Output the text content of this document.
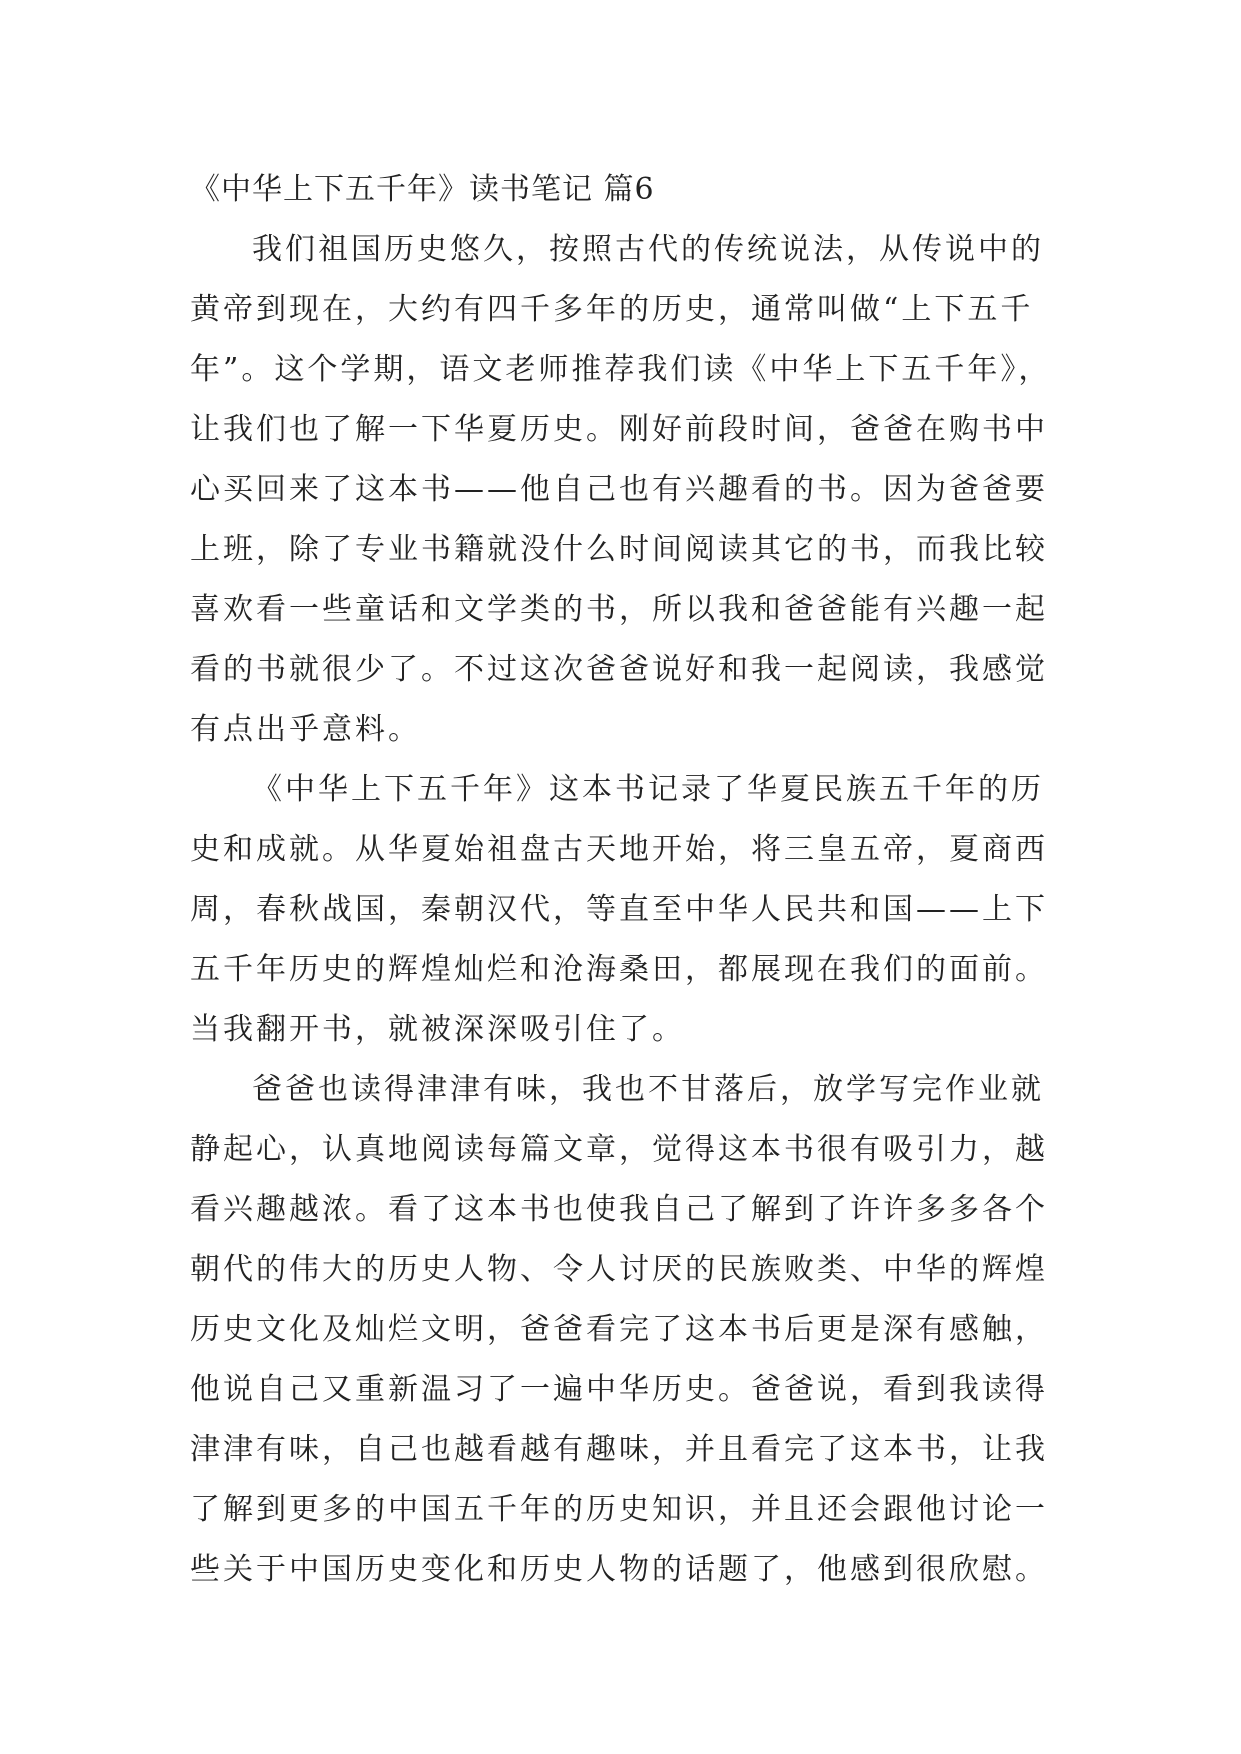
《中华上下五千年》读书笔记 篇6
我们祖国历史悠久，按照古代的传统说法，从传说中的
黄帝到现在，大约有四千多年的历史，通常叫做“上下五千
年”。这个学期，语文老师推荐我们读《中华上下五千年》，
让我们也了解一下华夏历史。刚好前段时间，爸爸在购书中
心买回来了这本书——他自己也有兴趣看的书。因为爸爸要
上班，除了专业书籍就没什么时间阅读其它的书，而我比较
喜欢看一些童话和文学类的书，所以我和爸爸能有兴趣一起
看的书就很少了。不过这次爸爸说好和我一起阅读，我感觉
有点出乎意料。
《中华上下五千年》这本书记录了华夏民族五千年的历
史和成就。从华夏始祖盘古天地开始，将三皇五帝，夏商西
周，春秋战国，秦朝汉代，等直至中华人民共和国——上下
五千年历史的辉煌灿烂和沧海桑田，都展现在我们的面前。
当我翻开书，就被深深吸引住了。
爸爸也读得津津有味，我也不甘落后，放学写完作业就
静起心，认真地阅读每篇文章，觉得这本书很有吸引力，越
看兴趣越浓。看了这本书也使我自己了解到了许许多多各个
朝代的伟大的历史人物、令人讨厌的民族败类、中华的辉煌
历史文化及灿烂文明，爸爸看完了这本书后更是深有感触，
他说自己又重新温习了一遍中华历史。爸爸说，看到我读得
津津有味，自己也越看越有趣味，并且看完了这本书，让我
了解到更多的中国五千年的历史知识，并且还会跟他讨论一
些关于中国历史变化和历史人物的话题了，他感到很欣慰。
